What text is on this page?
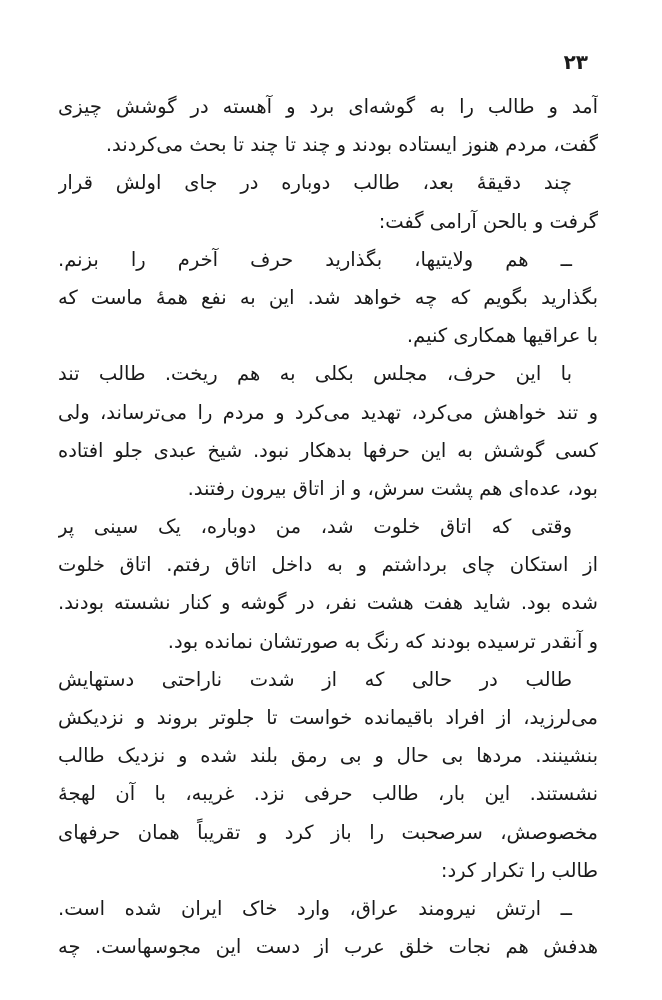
۲۳
آمد و طالب را به گوشه‌ای برد و آهسته در گوشش چیزی
گفت، مردم هنوز ایستاده بودند و چند تا چند تا بحث می‌کردند.
چند دقیقهٔ بعد، طالب دوباره در جای اولش قرار
گرفت و بالحن آرامی گفت:
ــ هم ولایتیها، بگذارید حرف آخرم را بزنم.
بگذارید بگویم که چه خواهد شد. این به نفع همهٔ ماست که
با عراقیها همکاری کنیم.
با این حرف، مجلس بکلی به هم ریخت. طالب تند
و تند خواهش می‌کرد، تهدید می‌کرد و مردم را می‌ترساند، ولی
کسی گوشش به این حرفها بدهکار نبود. شیخ عبدی جلو افتاده
بود، عده‌ای هم پشت سرش، و از اتاق بیرون رفتند.
وقتی که اتاق خلوت شد، من دوباره، یک سینی پر
از استکان چای برداشتم و به داخل اتاق رفتم. اتاق خلوت
شده بود. شاید هفت هشت نفر، در گوشه و کنار نشسته بودند.
و آنقدر ترسیده بودند که رنگ به صورتشان نمانده بود.
طالب در حالی که از شدت ناراحتی دستهایش
می‌لرزید، از افراد باقیمانده خواست تا جلوتر بروند و نزدیکش
بنشینند. مردها بی حال و بی رمق بلند شده و نزدیک طالب
نشستند. این بار، طالب حرفی نزد. غریبه، با آن لهجهٔ
مخصوصش، سرصحبت را باز کرد و تقریباً همان حرفهای
طالب را تکرار کرد:
ــ ارتش نیرومند عراق، وارد خاک ایران شده است.
هدفش هم نجات خلق عرب از دست این مجوسهاست. چه
